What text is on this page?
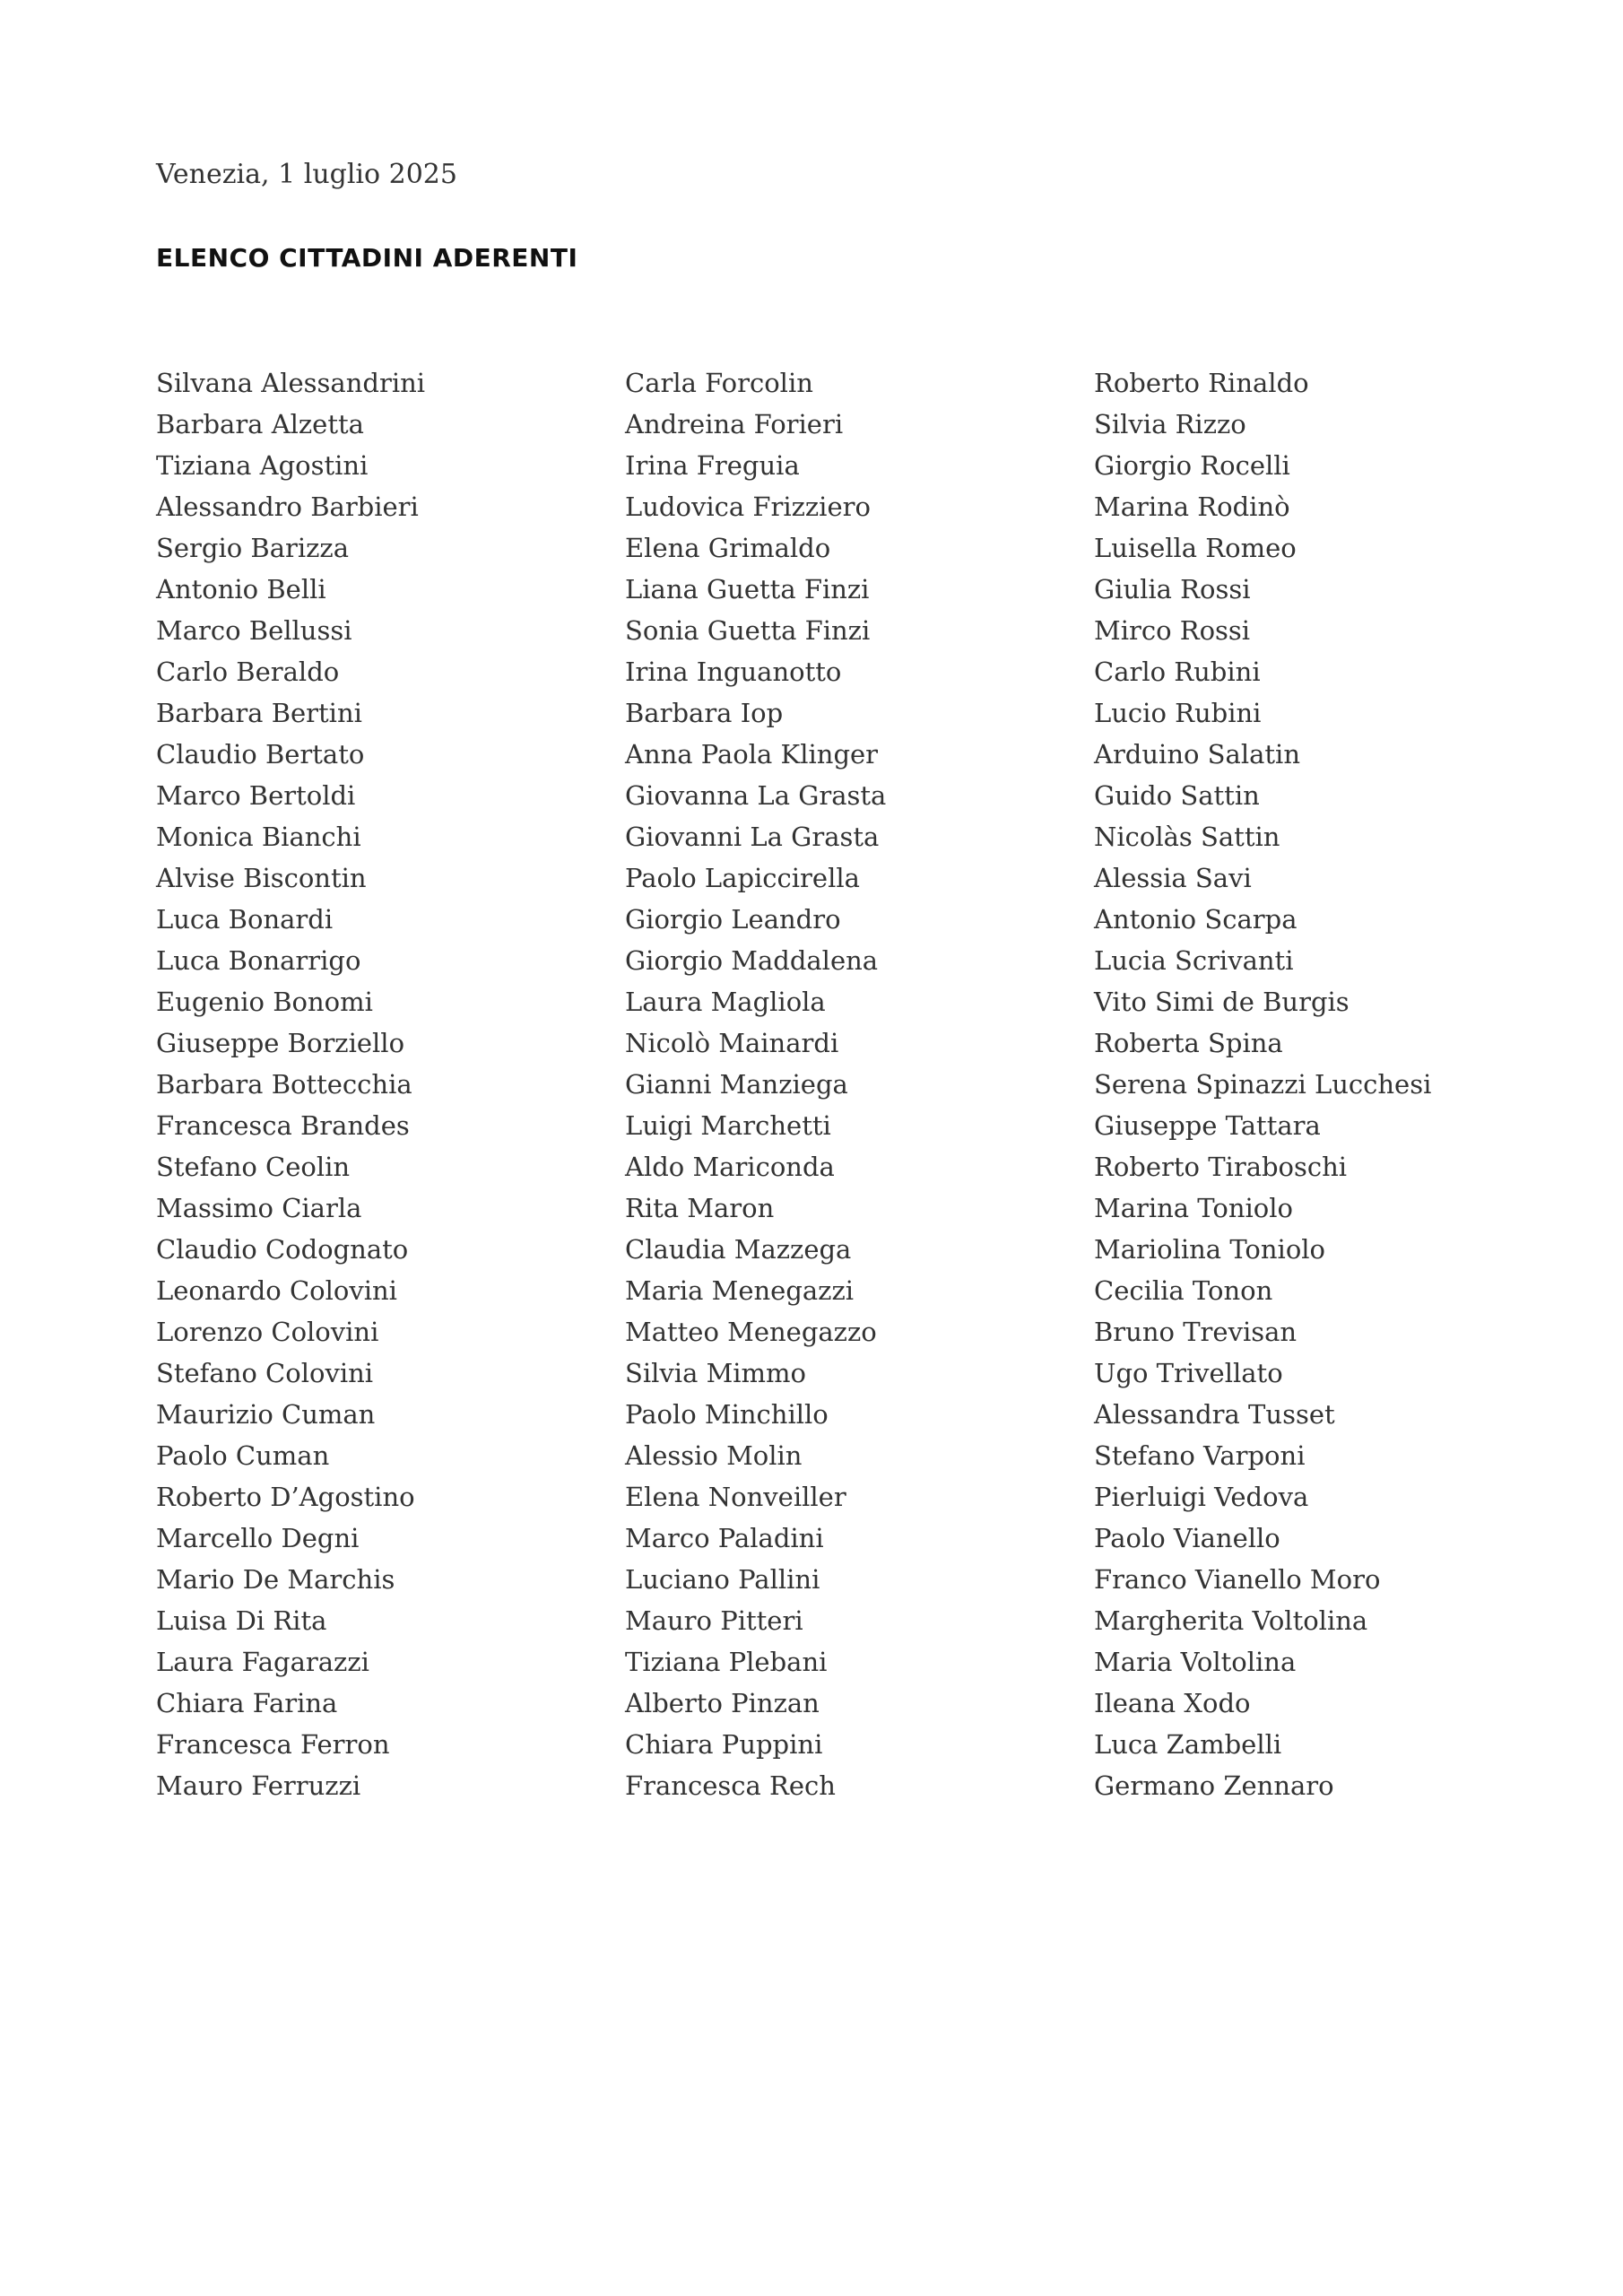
Venezia, 1 luglio 2025
ELENCO CITTADINI ADERENTI
Silvana Alessandrini
Barbara Alzetta
Tiziana Agostini
Alessandro Barbieri
Sergio Barizza
Antonio Belli
Marco Bellussi
Carlo Beraldo
Barbara Bertini
Claudio Bertato
Marco Bertoldi
Monica Bianchi
Alvise Biscontin
Luca Bonardi
Luca Bonarrigo
Eugenio Bonomi
Giuseppe Borziello
Barbara Bottecchia
Francesca Brandes
Stefano Ceolin
Massimo Ciarla
Claudio Codognato
Leonardo Colovini
Lorenzo Colovini
Stefano Colovini
Maurizio Cuman
Paolo Cuman
Roberto D’Agostino
Marcello Degni
Mario De Marchis
Luisa Di Rita
Laura Fagarazzi
Chiara Farina
Francesca Ferron
Mauro Ferruzzi
Carla Forcolin
Andreina Forieri
Irina Freguia
Ludovica Frizziero
Elena Grimaldo
Liana Guetta Finzi
Sonia Guetta Finzi
Irina Inguanotto
Barbara Iop
Anna Paola Klinger
Giovanna La Grasta
Giovanni La Grasta
Paolo Lapiccirella
Giorgio Leandro
Giorgio Maddalena
Laura Magliola
Nicolò Mainardi
Gianni Manziega
Luigi Marchetti
Aldo Mariconda
Rita Maron
Claudia Mazzega
Maria Menegazzi
Matteo Menegazzo
Silvia Mimmo
Paolo Minchillo
Alessio Molin
Elena Nonveiller
Marco Paladini
Luciano Pallini
Mauro Pitteri
Tiziana Plebani
Alberto Pinzan
Chiara Puppini
Francesca Rech
Roberto Rinaldo
Silvia Rizzo
Giorgio Rocelli
Marina Rodinò
Luisella Romeo
Giulia Rossi
Mirco Rossi
Carlo Rubini
Lucio Rubini
Arduino Salatin
Guido Sattin
Nicolàs Sattin
Alessia Savi
Antonio Scarpa
Lucia Scrivanti
Vito Simi de Burgis
Roberta Spina
Serena Spinazzi Lucchesi
Giuseppe Tattara
Roberto Tiraboschi
Marina Toniolo
Mariolina Toniolo
Cecilia Tonon
Bruno Trevisan
Ugo Trivellato
Alessandra Tusset
Stefano Varponi
Pierluigi Vedova
Paolo Vianello
Franco Vianello Moro
Margherita Voltolina
Maria Voltolina
Ileana Xodo
Luca Zambelli
Germano Zennaro
